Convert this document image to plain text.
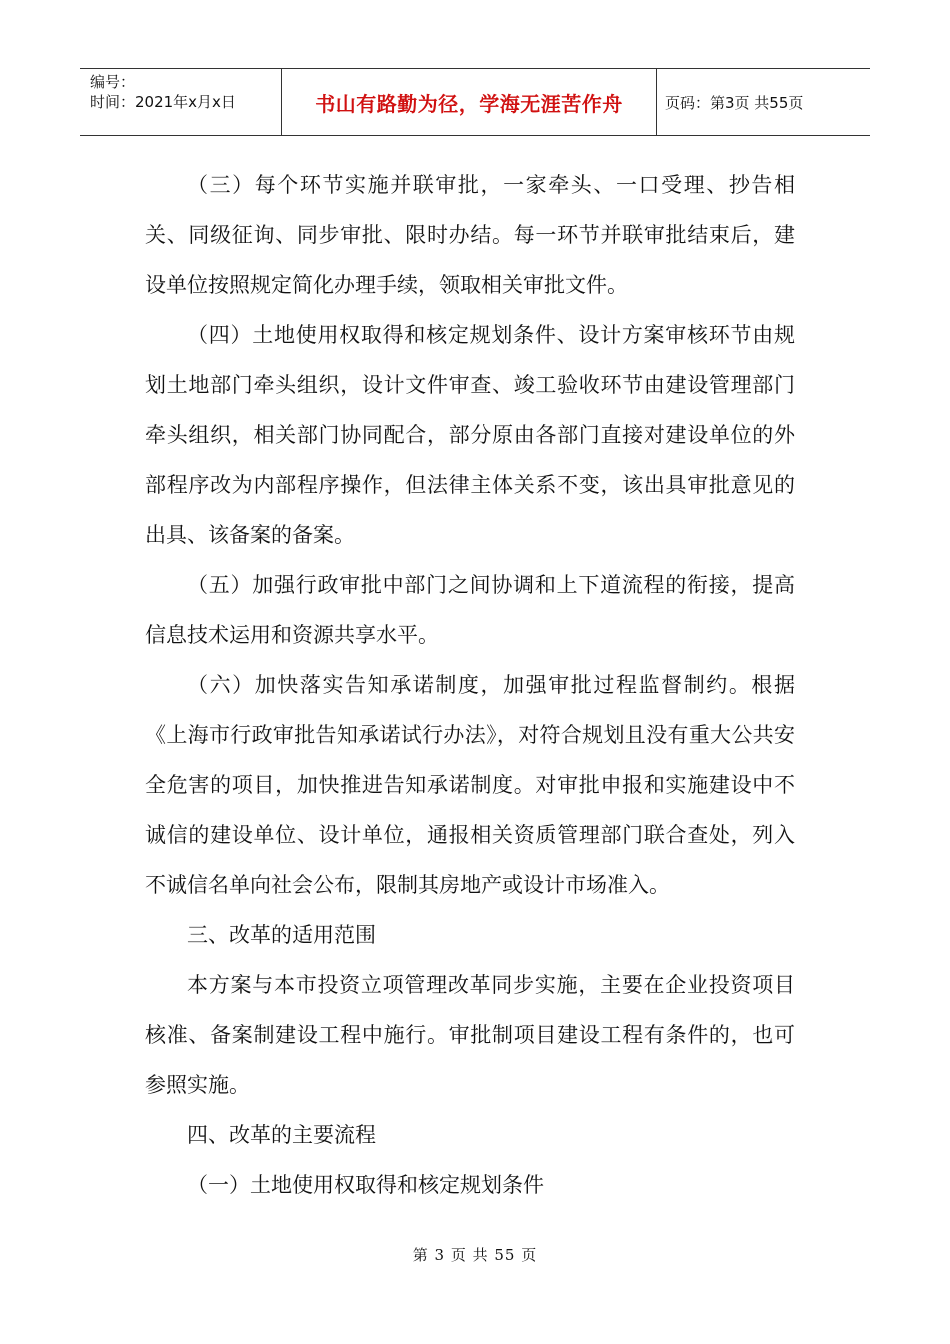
编号：
时间：2021年x月x日	书山有路勤为径，学海无涯苦作舟	页码：第3页 共55页

（三）每个环节实施并联审批，一家牵头、一口受理、抄告相关、同级征询、同步审批、限时办结。每一环节并联审批结束后，建设单位按照规定简化办理手续，领取相关审批文件。

（四）土地使用权取得和核定规划条件、设计方案审核环节由规划土地部门牵头组织，设计文件审查、竣工验收环节由建设管理部门牵头组织，相关部门协同配合，部分原由各部门直接对建设单位的外部程序改为内部程序操作，但法律主体关系不变，该出具审批意见的出具、该备案的备案。

（五）加强行政审批中部门之间协调和上下道流程的衔接，提高信息技术运用和资源共享水平。

（六）加快落实告知承诺制度，加强审批过程监督制约。根据《上海市行政审批告知承诺试行办法》，对符合规划且没有重大公共安全危害的项目，加快推进告知承诺制度。对审批申报和实施建设中不诚信的建设单位、设计单位，通报相关资质管理部门联合查处，列入不诚信名单向社会公布，限制其房地产或设计市场准入。

三、改革的适用范围

本方案与本市投资立项管理改革同步实施，主要在企业投资项目核准、备案制建设工程中施行。审批制项目建设工程有条件的，也可参照实施。

四、改革的主要流程

（一）土地使用权取得和核定规划条件

第 3 页 共 55 页
